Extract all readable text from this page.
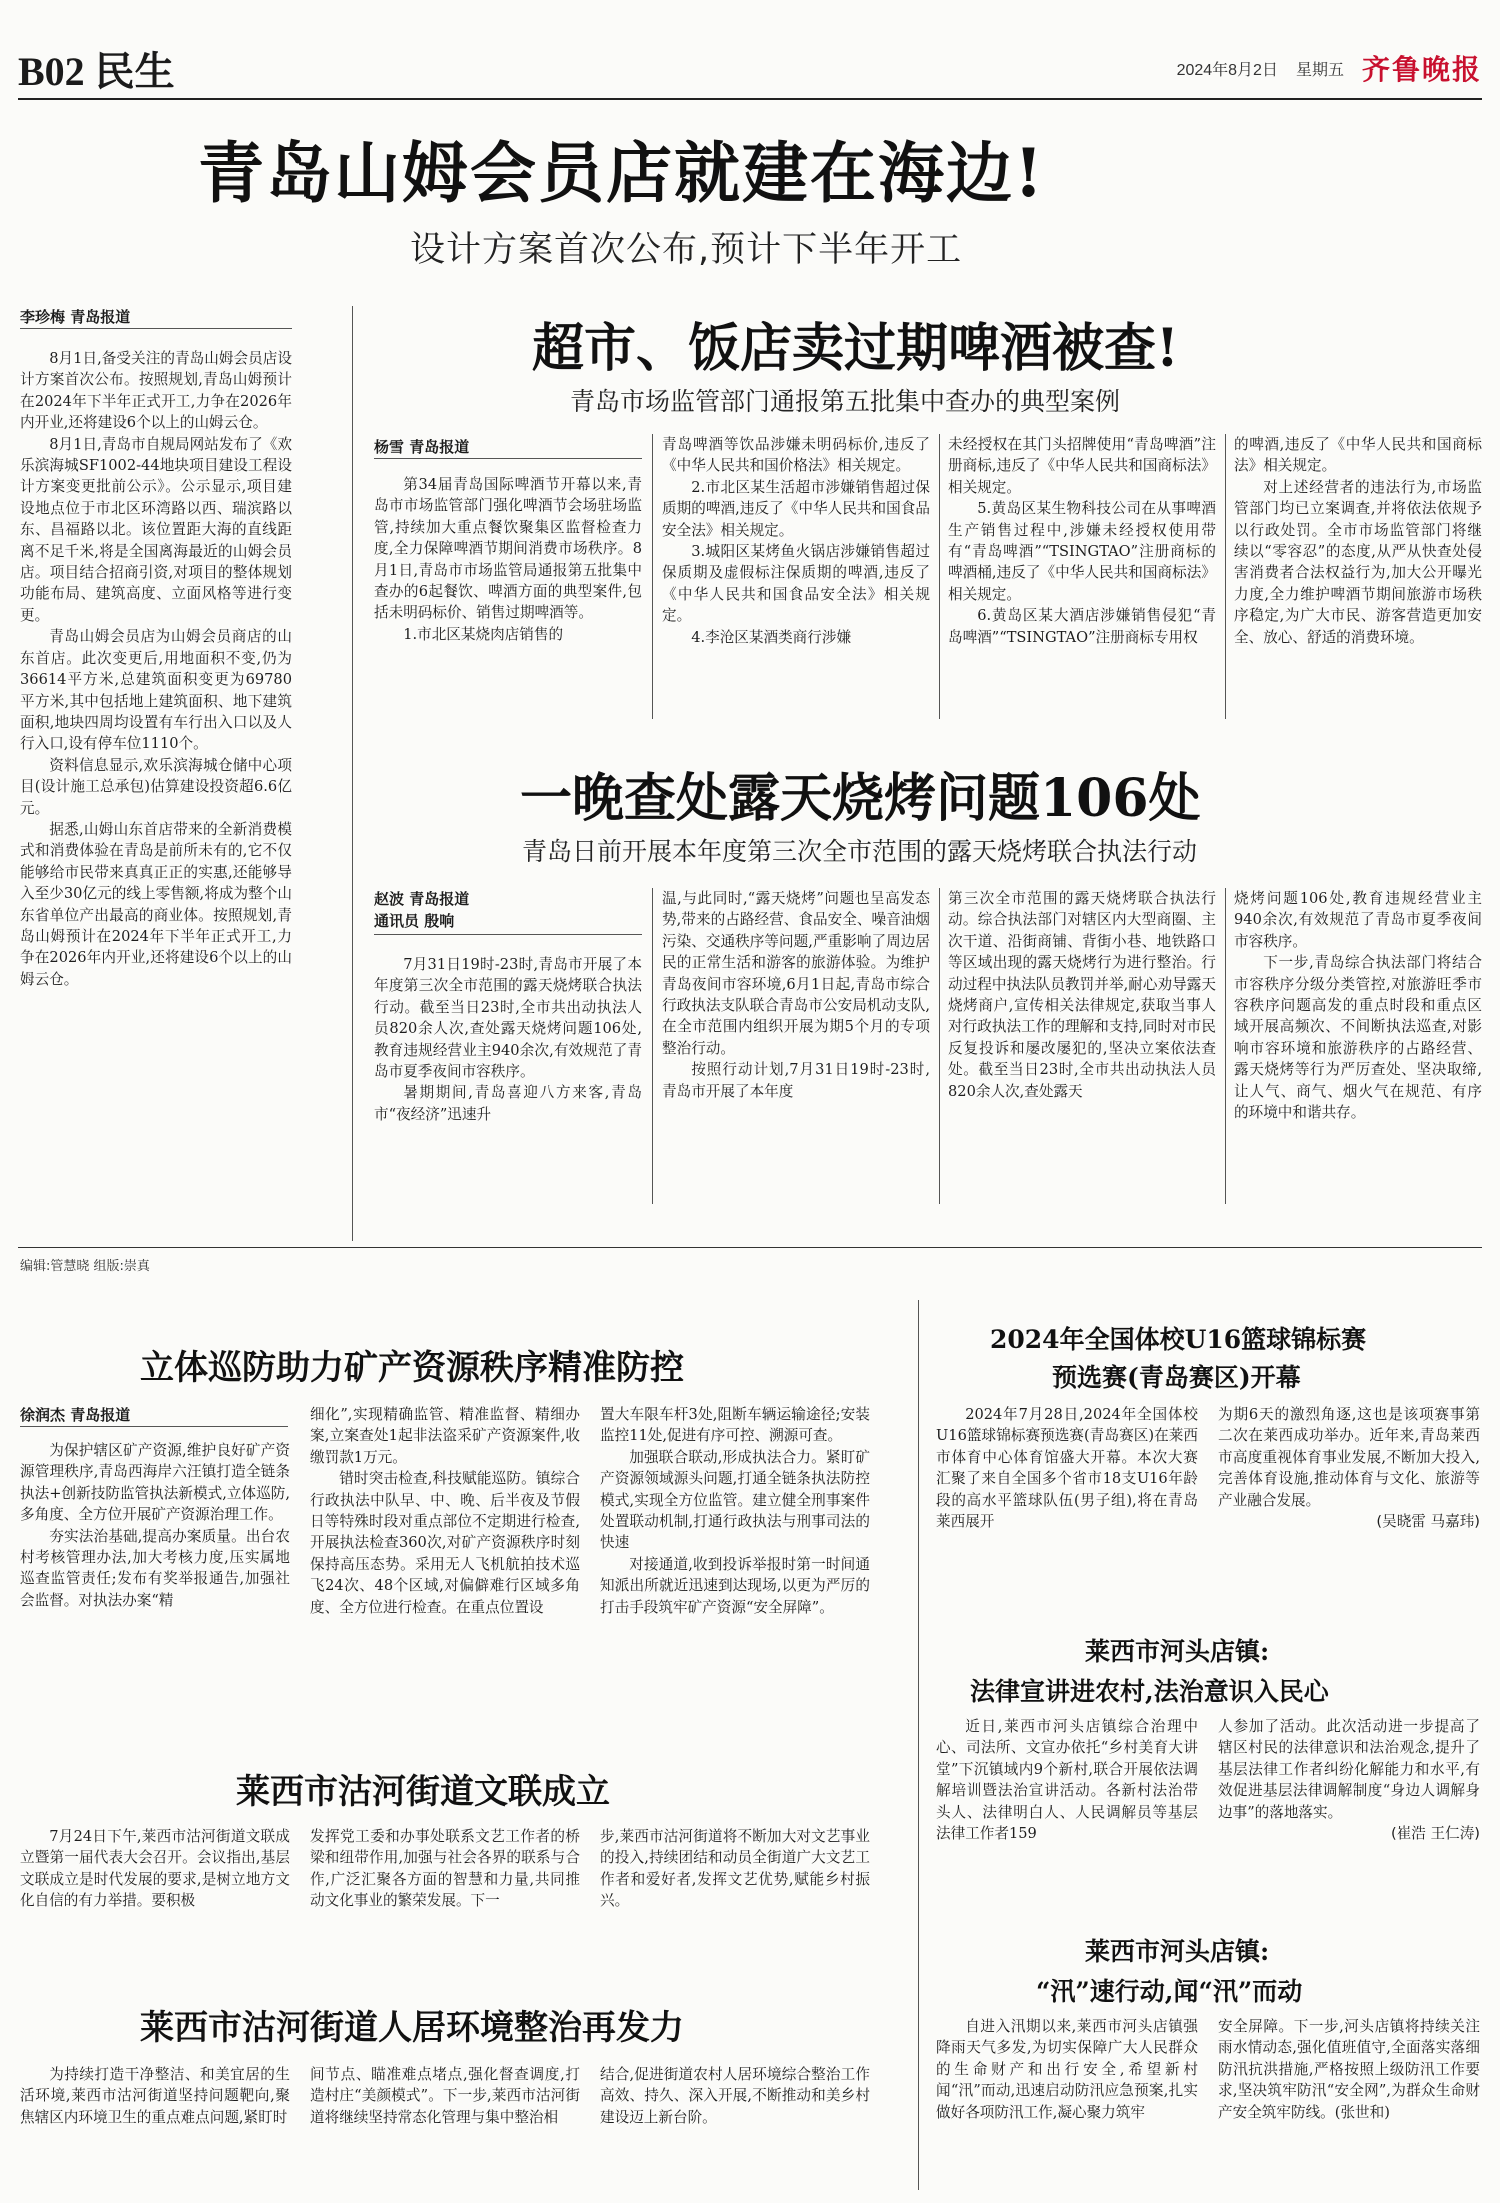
B02 民生	2024年8月2日 星期五 齐鲁晚报
青岛山姆会员店就建在海边!
设计方案首次公布,预计下半年开工
李珍梅 青岛报道

8月1日,备受关注的青岛山姆会员店设计方案首次公布。按照规划,青岛山姆预计在2024年下半年正式开工,力争在2026年内开业,还将建设6个以上的山姆云仓。

8月1日,青岛市自规局网站发布了《欢乐滨海城SF1002-44地块项目建设工程设计方案变更批前公示》。公示显示,项目建设地点位于市北区环湾路以西、瑞滨路以东、昌福路以北。该位置距大海的直线距离不足千米,将是全国离海最近的山姆会员店。项目结合招商引资,对项目的整体规划功能布局、建筑高度、立面风格等进行变更。

青岛山姆会员店为山姆会员商店的山东首店。此次变更后,用地面积不变,仍为36614平方米,总建筑面积变更为69780平方米,其中包括地上建筑面积、地下建筑面积,地块四周均设置有车行出入口以及人行入口,设有停车位1110个。

资料信息显示,欢乐滨海城仓储中心项目(设计施工总承包)估算建设投资超6.6亿元。

据悉,山姆山东首店带来的全新消费模式和消费体验在青岛是前所未有的,它不仅能够给市民带来真真正正的实惠,还能够导入至少30亿元的线上零售额,将成为整个山东省单位产出最高的商业体。按照规划,青岛山姆预计在2024年下半年正式开工,力争在2026年内开业,还将建设6个以上的山姆云仓。

超市、饭店卖过期啤酒被查!
青岛市场监管部门通报第五批集中查办的典型案例
杨雪 青岛报道

第34届青岛国际啤酒节开幕以来,青岛市市场监管部门强化啤酒节会场驻场监管,持续加大重点餐饮聚集区监督检查力度,全力保障啤酒节期间消费市场秩序。8月1日,青岛市市场监管局通报第五批集中查办的6起餐饮、啤酒方面的典型案件,包括未明码标价、销售过期啤酒等。

1.市北区某烧肉店销售的

青岛啤酒等饮品涉嫌未明码标价,违反了《中华人民共和国价格法》相关规定。

2.市北区某生活超市涉嫌销售超过保质期的啤酒,违反了《中华人民共和国食品安全法》相关规定。

3.城阳区某烤鱼火锅店涉嫌销售超过保质期及虚假标注保质期的啤酒,违反了《中华人民共和国食品安全法》相关规定。

4.李沧区某酒类商行涉嫌

未经授权在其门头招牌使用“青岛啤酒”注册商标,违反了《中华人民共和国商标法》相关规定。

5.黄岛区某生物科技公司在从事啤酒生产销售过程中,涉嫌未经授权使用带有“青岛啤酒”“TSINGTAO”注册商标的啤酒桶,违反了《中华人民共和国商标法》相关规定。

6.黄岛区某大酒店涉嫌销售侵犯“青岛啤酒”“TSINGTAO”注册商标专用权

的啤酒,违反了《中华人民共和国商标法》相关规定。

对上述经营者的违法行为,市场监管部门均已立案调查,并将依法依规予以行政处罚。全市市场监管部门将继续以“零容忍”的态度,从严从快查处侵害消费者合法权益行为,加大公开曝光力度,全力维护啤酒节期间旅游市场秩序稳定,为广大市民、游客营造更加安全、放心、舒适的消费环境。

一晚查处露天烧烤问题106处
青岛日前开展本年度第三次全市范围的露天烧烤联合执法行动
赵波 青岛报道
通讯员 殷响

7月31日19时-23时,青岛市开展了本年度第三次全市范围的露天烧烤联合执法行动。截至当日23时,全市共出动执法人员820余人次,查处露天烧烤问题106处,教育违规经营业主940余次,有效规范了青岛市夏季夜间市容秩序。

暑期期间,青岛喜迎八方来客,青岛市“夜经济”迅速升

温,与此同时,“露天烧烤”问题也呈高发态势,带来的占路经营、食品安全、噪音油烟污染、交通秩序等问题,严重影响了周边居民的正常生活和游客的旅游体验。为维护青岛夜间市容环境,6月1日起,青岛市综合行政执法支队联合青岛市公安局机动支队,在全市范围内组织开展为期5个月的专项整治行动。

按照行动计划,7月31日19时-23时,青岛市开展了本年度

第三次全市范围的露天烧烤联合执法行动。综合执法部门对辖区内大型商圈、主次干道、沿街商铺、背街小巷、地铁路口等区域出现的露天烧烤行为进行整治。行动过程中执法队员教罚并举,耐心劝导露天烧烤商户,宣传相关法律规定,获取当事人对行政执法工作的理解和支持,同时对市民反复投诉和屡改屡犯的,坚决立案依法查处。截至当日23时,全市共出动执法人员820余人次,查处露天

烧烤问题106处,教育违规经营业主940余次,有效规范了青岛市夏季夜间市容秩序。

下一步,青岛综合执法部门将结合市容秩序分级分类管控,对旅游旺季市容秩序问题高发的重点时段和重点区域开展高频次、不间断执法巡查,对影响市容环境和旅游秩序的占路经营、露天烧烤等行为严厉查处、坚决取缔,让人气、商气、烟火气在规范、有序的环境中和谐共存。

编辑:管慧晓 组版:崇真
立体巡防助力矿产资源秩序精准防控
徐润杰 青岛报道

为保护辖区矿产资源,维护良好矿产资源管理秩序,青岛西海岸六汪镇打造全链条执法+创新技防监管执法新模式,立体巡防,多角度、全方位开展矿产资源治理工作。

夯实法治基础,提高办案质量。出台农村考核管理办法,加大考核力度,压实属地巡查监管责任;发布有奖举报通告,加强社会监督。对执法办案“精

细化”,实现精确监管、精准监督、精细办案,立案查处1起非法盗采矿产资源案件,收缴罚款1万元。

错时突击检查,科技赋能巡防。镇综合行政执法中队早、中、晚、后半夜及节假日等特殊时段对重点部位不定期进行检查,开展执法检查360次,对矿产资源秩序时刻保持高压态势。采用无人飞机航拍技术巡飞24次、48个区域,对偏僻难行区域多角度、全方位进行检查。在重点位置设

置大车限车杆3处,阻断车辆运输途径;安装监控11处,促进有序可控、溯源可查。

加强联合联动,形成执法合力。紧盯矿产资源领域源头问题,打通全链条执法防控模式,实现全方位监管。建立健全刑事案件处置联动机制,打通行政执法与刑事司法的快速

对接通道,收到投诉举报时第一时间通知派出所就近迅速到达现场,以更为严厉的打击手段筑牢矿产资源“安全屏障”。

莱西市沽河街道文联成立

7月24日下午,莱西市沽河街道文联成立暨第一届代表大会召开。会议指出,基层文联成立是时代发展的要求,是树立地方文化自信的有力举措。要积极

发挥党工委和办事处联系文艺工作者的桥梁和纽带作用,加强与社会各界的联系与合作,广泛汇聚各方面的智慧和力量,共同推动文化事业的繁荣发展。下一

步,莱西市沽河街道将不断加大对文艺事业的投入,持续团结和动员全街道广大文艺工作者和爱好者,发挥文艺优势,赋能乡村振兴。

莱西市沽河街道人居环境整治再发力

为持续打造干净整洁、和美宜居的生活环境,莱西市沽河街道坚持问题靶向,聚焦辖区内环境卫生的重点难点问题,紧盯时

间节点、瞄准难点堵点,强化督查调度,打造村庄“美颜模式”。下一步,莱西市沽河街道将继续坚持常态化管理与集中整治相

结合,促进街道农村人居环境综合整治工作高效、持久、深入开展,不断推动和美乡村建设迈上新台阶。

2024年全国体校U16篮球锦标赛
预选赛(青岛赛区)开幕

2024年7月28日,2024年全国体校U16篮球锦标赛预选赛(青岛赛区)在莱西市体育中心体育馆盛大开幕。本次大赛汇聚了来自全国多个省市18支U16年龄段的高水平篮球队伍(男子组),将在青岛莱西展开

为期6天的激烈角逐,这也是该项赛事第二次在莱西成功举办。近年来,青岛莱西市高度重视体育事业发展,不断加大投入,完善体育设施,推动体育与文化、旅游等产业融合发展。

(吴晓雷 马嘉玮)

莱西市河头店镇:
法律宣讲进农村,法治意识入民心

近日,莱西市河头店镇综合治理中心、司法所、文宣办依托“乡村美育大讲堂”下沉镇域内9个新村,联合开展依法调解培训暨法治宣讲活动。各新村法治带头人、法律明白人、人民调解员等基层法律工作者159

人参加了活动。此次活动进一步提高了辖区村民的法律意识和法治观念,提升了基层法律工作者纠纷化解能力和水平,有效促进基层法律调解制度“身边人调解身边事”的落地落实。

(崔浩 王仁涛)

莱西市河头店镇:
“汛”速行动,闻“汛”而动

自进入汛期以来,莱西市河头店镇强降雨天气多发,为切实保障广大人民群众的生命财产和出行安全,希望新村闻“汛”而动,迅速启动防汛应急预案,扎实做好各项防汛工作,凝心聚力筑牢

安全屏障。下一步,河头店镇将持续关注雨水情动态,强化值班值守,全面落实落细防汛抗洪措施,严格按照上级防汛工作要求,坚决筑牢防汛“安全网”,为群众生命财产安全筑牢防线。(张世和)
